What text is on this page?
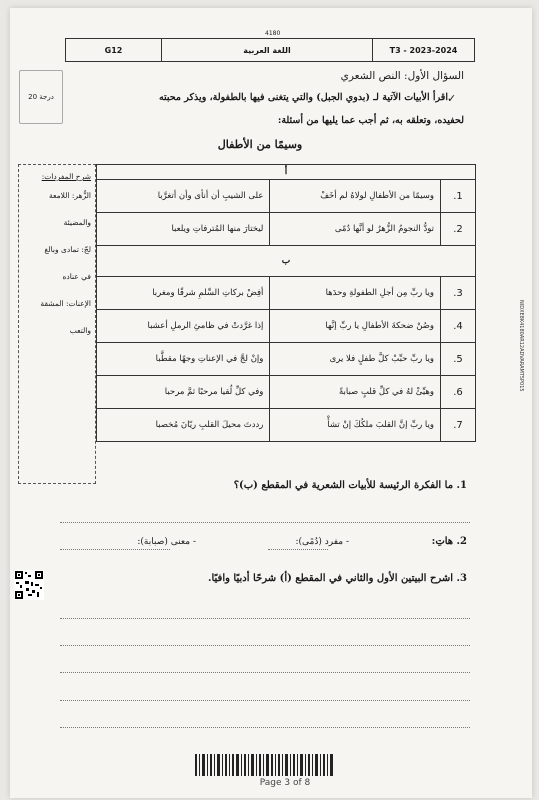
4180
G12	اللغة العربية	T3 - 2023-2024
20 درجة
السؤال الأول: النص الشعري
✓
اقرأ الأبيات الآتية لـ (بدوي الجبل) والتي يتغنى فيها بالطفولة، ويذكر محبته
لحفيده، وتعلقه به، ثم أجب عما يليها من أسئلة:
وسيمًا من الأطفال
أ		
1.	وسيمًا من الأطفالِ لولاهُ لم أخَفْ	على الشيبِ أن أنأى وأن أتغرَّبا
2.	تودُّ النجومُ الزُّهرُ لو أنَّها دُمًى	ليختارَ منها المُترفاتِ ويلعبا
ب		
3.	ويا ربِّ مِن أجلِ الطفولةِ وحدَها	أفِضْ بركاتِ السِّلمِ شرقًا ومغربا
4.	وصُنْ ضحكةَ الأطفالِ يا ربِّ إنَّها	إذا غرَّدتْ في ظامئِ الرملِ أعشبا
5.	ويا ربِّ حبِّبْ كلَّ طفلٍ فلا يرى	وإنْ لجَّ في الإعناتِ وجهًا مقطَّبا
6.	وهيِّئْ لهُ في كلِّ قلبٍ صبابةً	وفي كلِّ لُقيا مرحبًا ثمَّ مرحبا
7.	ويا ربِّ إنَّ القلبَ ملكُكَ إنْ تشأْ	رددتَ محيلَ القلبِ ريّانَ مُخصبا
شرح المفردات:
الزُّهر: اللامعة
والمضيئة
لجّ: تمادى وبالغ
في عناده
الإعنات: المشقة
والتعب
1. ما الفكرة الرئيسة للأبيات الشعرية في المقطع (ب)؟
2. هاتِ:
- مفرد (دُمًى):
- معنى (صبابة):
3. اشرح البيتين الأول والثاني في المقطع (أ) شرحًا أدبيًا وافيًا.
Page 3 of 8
NIDXE8K4180AR12ADVARAMT5P015
